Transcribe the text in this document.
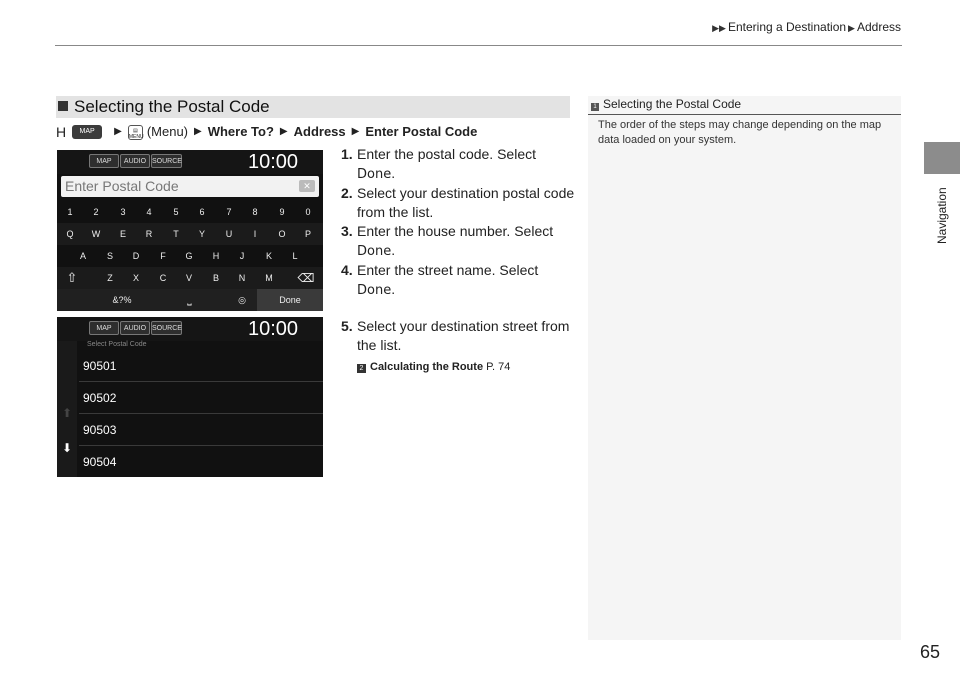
▶▶ Entering a Destination ▶ Address
Navigation
Selecting the Postal Code
H	MAP	▶	▤
MENU (Menu) ▶ Where To? ▶ Address ▶ Enter Postal Code
MAP	AUDIO SOURCE	10:00
Enter Postal Code	✕
1	2	3	4	5	6	7	8	9	0
Q	W	E	R	T	Y	U	I	O	P
A	S	D	F	G	H	J	K	L
⇧	Z	X	C	V	B	N	M	⌫
&?%	⎵	◎	Done
MAP	AUDIO SOURCE	10:00
⬆
⬇
Select Postal Code
90501
90502
90503
90504
1. Enter the postal code. Select
Done.
2. Select your destination postal code from the list.
3. Enter the house number. Select
Done.
4. Enter the street name. Select
Done.
5. Select your destination street from the list.
2 Calculating the Route P. 74
1 Selecting the Postal Code
The order of the steps may change depending on the map data loaded on your system.
65
